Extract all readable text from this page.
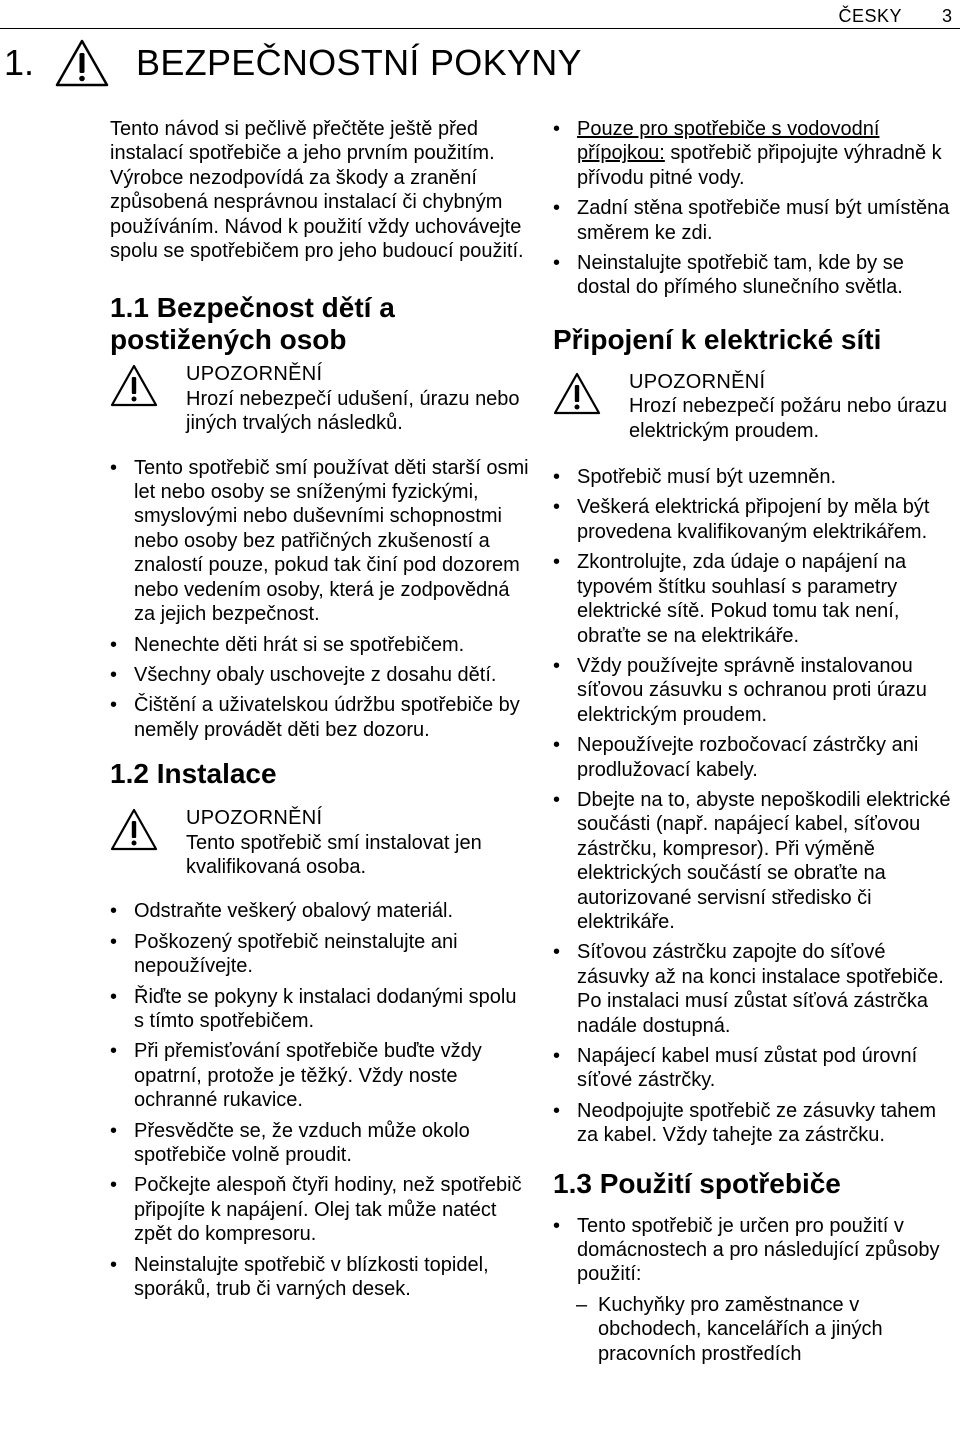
ČESKY 3
1.	BEZPEČNOSTNÍ POKYNY

Tento návod si pečlivě přečtěte ještě před instalací spotřebiče a jeho prvním použitím. Výrobce nezodpovídá za škody a zranění způsobená nesprávnou instalací či chybným používáním. Návod k použití vždy uchovávejte spolu se spotřebičem pro jeho budoucí použití.

1.1 Bezpečnost dětí a postižených osob
UPOZORNĚNÍ
Hrozí nebezpečí udušení, úrazu nebo jiných trvalých následků.
• Tento spotřebič smí používat děti starší osmi let nebo osoby se sníženými fyzickými, smyslovými nebo duševními schopnostmi nebo osoby bez patřičných zkušeností a znalostí pouze, pokud tak činí pod dozorem nebo vedením osoby, která je zodpovědná za jejich bezpečnost.
• Nenechte děti hrát si se spotřebičem.
• Všechny obaly uschovejte z dosahu dětí.
• Čištění a uživatelskou údržbu spotřebiče by neměly provádět děti bez dozoru.
1.2 Instalace
UPOZORNĚNÍ
Tento spotřebič smí instalovat jen kvalifikovaná osoba.
• Odstraňte veškerý obalový materiál.
• Poškozený spotřebič neinstalujte ani nepoužívejte.
• Řiďte se pokyny k instalaci dodanými spolu s tímto spotřebičem.
• Při přemisťování spotřebiče buďte vždy opatrní, protože je těžký. Vždy noste ochranné rukavice.
• Přesvědčte se, že vzduch může okolo spotřebiče volně proudit.
• Počkejte alespoň čtyři hodiny, než spotřebič připojíte k napájení. Olej tak může natéct zpět do kompresoru.
• Neinstalujte spotřebič v blízkosti topidel, sporáků, trub či varných desek.
• Pouze pro spotřebiče s vodovodní přípojkou: spotřebič připojujte výhradně k přívodu pitné vody.
• Zadní stěna spotřebiče musí být umístěna směrem ke zdi.
• Neinstalujte spotřebič tam, kde by se dostal do přímého slunečního světla.
Připojení k elektrické síti
UPOZORNĚNÍ
Hrozí nebezpečí požáru nebo úrazu elektrickým proudem.
• Spotřebič musí být uzemněn.
• Veškerá elektrická připojení by měla být provedena kvalifikovaným elektrikářem.
• Zkontrolujte, zda údaje o napájení na typovém štítku souhlasí s parametry elektrické sítě. Pokud tomu tak není, obraťte se na elektrikáře.
• Vždy používejte správně instalovanou síťovou zásuvku s ochranou proti úrazu elektrickým proudem.
• Nepoužívejte rozbočovací zástrčky ani prodlužovací kabely.
• Dbejte na to, abyste nepoškodili elektrické součásti (např. napájecí kabel, síťovou zástrčku, kompresor). Při výměně elektrických součástí se obraťte na autorizované servisní středisko či elektrikáře.
• Síťovou zástrčku zapojte do síťové zásuvky až na konci instalace spotřebiče. Po instalaci musí zůstat síťová zástrčka nadále dostupná.
• Napájecí kabel musí zůstat pod úrovní síťové zástrčky.
• Neodpojujte spotřebič ze zásuvky tahem za kabel. Vždy tahejte za zástrčku.
1.3 Použití spotřebiče
• Tento spotřebič je určen pro použití v domácnostech a pro následující způsoby použití:
– Kuchyňky pro zaměstnance v obchodech, kancelářích a jiných pracovních prostředích
